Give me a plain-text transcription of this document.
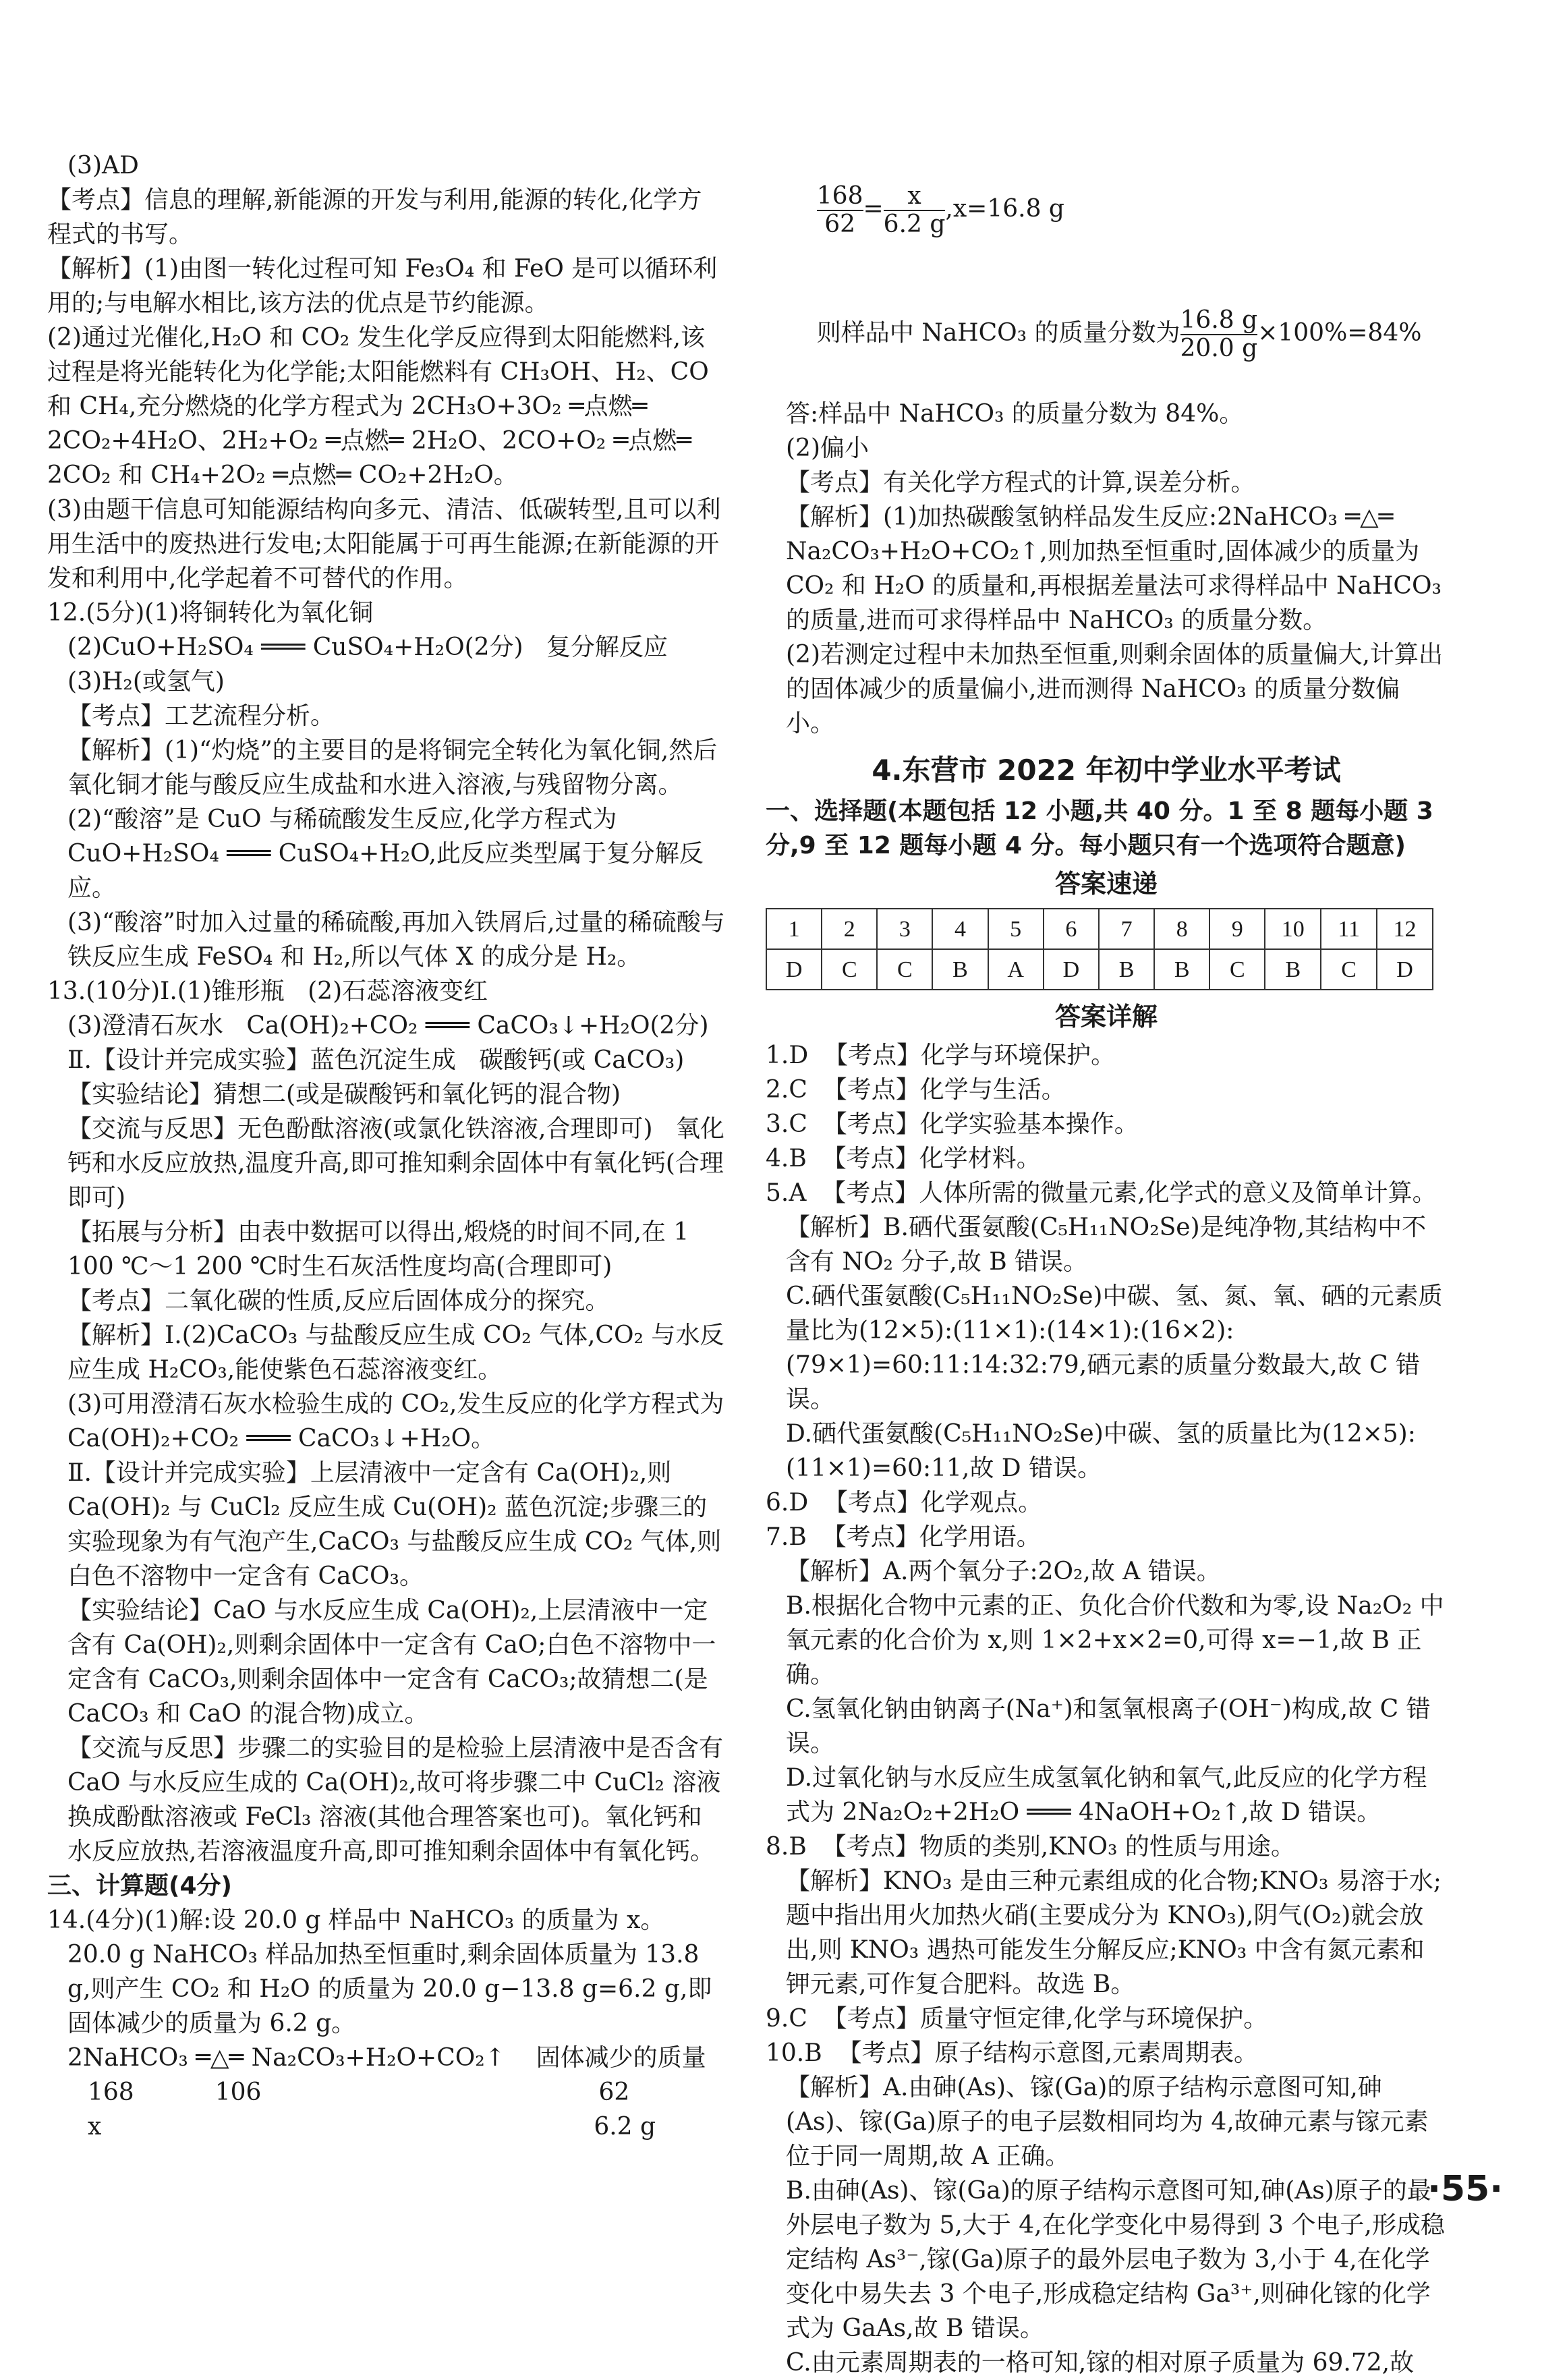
(3)AD

【考点】信息的理解,新能源的开发与利用,能源的转化,化学方程式的书写。

【解析】(1)由图一转化过程可知 Fe₃O₄ 和 FeO 是可以循环利用的;与电解水相比,该方法的优点是节约能源。

(2)通过光催化,H₂O 和 CO₂ 发生化学反应得到太阳能燃料,该过程是将光能转化为化学能;太阳能燃料有 CH₃OH、H₂、CO 和 CH₄,充分燃烧的化学方程式为 2CH₃O+3O₂ ═点燃═ 2CO₂+4H₂O、2H₂+O₂ ═点燃═ 2H₂O、2CO+O₂ ═点燃═ 2CO₂ 和 CH₄+2O₂ ═点燃═ CO₂+2H₂O。

(3)由题干信息可知能源结构向多元、清洁、低碳转型,且可以利用生活中的废热进行发电;太阳能属于可再生能源;在新能源的开发和利用中,化学起着不可替代的作用。

12.(5分)(1)将铜转化为氧化铜

(2)CuO+H₂SO₄ ═══ CuSO₄+H₂O(2分)   复分解反应

(3)H₂(或氢气)

【考点】工艺流程分析。

【解析】(1)“灼烧”的主要目的是将铜完全转化为氧化铜,然后氧化铜才能与酸反应生成盐和水进入溶液,与残留物分离。

(2)“酸溶”是 CuO 与稀硫酸发生反应,化学方程式为 CuO+H₂SO₄ ═══ CuSO₄+H₂O,此反应类型属于复分解反应。

(3)“酸溶”时加入过量的稀硫酸,再加入铁屑后,过量的稀硫酸与铁反应生成 FeSO₄ 和 H₂,所以气体 X 的成分是 H₂。

13.(10分)Ⅰ.(1)锥形瓶   (2)石蕊溶液变红

(3)澄清石灰水   Ca(OH)₂+CO₂ ═══ CaCO₃↓+H₂O(2分)

Ⅱ.【设计并完成实验】蓝色沉淀生成   碳酸钙(或 CaCO₃)

【实验结论】猜想二(或是碳酸钙和氧化钙的混合物)

【交流与反思】无色酚酞溶液(或氯化铁溶液,合理即可)   氧化钙和水反应放热,温度升高,即可推知剩余固体中有氧化钙(合理即可)

【拓展与分析】由表中数据可以得出,煅烧的时间不同,在 1 100 ℃～1 200 ℃时生石灰活性度均高(合理即可)

【考点】二氧化碳的性质,反应后固体成分的探究。

【解析】Ⅰ.(2)CaCO₃ 与盐酸反应生成 CO₂ 气体,CO₂ 与水反应生成 H₂CO₃,能使紫色石蕊溶液变红。

(3)可用澄清石灰水检验生成的 CO₂,发生反应的化学方程式为 Ca(OH)₂+CO₂ ═══ CaCO₃↓+H₂O。

Ⅱ.【设计并完成实验】上层清液中一定含有 Ca(OH)₂,则 Ca(OH)₂ 与 CuCl₂ 反应生成 Cu(OH)₂ 蓝色沉淀;步骤三的实验现象为有气泡产生,CaCO₃ 与盐酸反应生成 CO₂ 气体,则白色不溶物中一定含有 CaCO₃。

【实验结论】CaO 与水反应生成 Ca(OH)₂,上层清液中一定含有 Ca(OH)₂,则剩余固体中一定含有 CaO;白色不溶物中一定含有 CaCO₃,则剩余固体中一定含有 CaCO₃;故猜想二(是 CaCO₃ 和 CaO 的混合物)成立。

【交流与反思】步骤二的实验目的是检验上层清液中是否含有 CaO 与水反应生成的 Ca(OH)₂,故可将步骤二中 CuCl₂ 溶液换成酚酞溶液或 FeCl₃ 溶液(其他合理答案也可)。氧化钙和水反应放热,若溶液温度升高,即可推知剩余固体中有氧化钙。

三、计算题(4分)

14.(4分)(1)解:设 20.0 g 样品中 NaHCO₃ 的质量为 x。

20.0 g NaHCO₃ 样品加热至恒重时,剩余固体质量为 13.8 g,则产生 CO₂ 和 H₂O 的质量为 20.0 g−13.8 g=6.2 g,即固体减少的质量为 6.2 g。

2NaHCO₃ ═△═ Na₂CO₃+H₂O+CO₂↑    固体减少的质量

168	106	62
x	6.2 g

$\frac{168}{62} = \frac{x}{6.2 g} ,x=16.8$ g

则样品中 NaHCO₃ 的质量分数为 $\frac{16.8 g}{20.0 g} \times 100\%=84\%$

答:样品中 NaHCO₃ 的质量分数为 84%。

(2)偏小

【考点】有关化学方程式的计算,误差分析。

【解析】(1)加热碳酸氢钠样品发生反应:2NaHCO₃ ═△═ Na₂CO₃+H₂O+CO₂↑,则加热至恒重时,固体减少的质量为 CO₂ 和 H₂O 的质量和,再根据差量法可求得样品中 NaHCO₃ 的质量,进而可求得样品中 NaHCO₃ 的质量分数。

(2)若测定过程中未加热至恒重,则剩余固体的质量偏大,计算出的固体减少的质量偏小,进而测得 NaHCO₃ 的质量分数偏小。

4.东营市 2022 年初中学业水平考试

一、选择题(本题包括 12 小题,共 40 分。1 至 8 题每小题 3 分,9 至 12 题每小题 4 分。每小题只有一个选项符合题意)

答案速递

1	2	3	4	5	6	7	8	9	10	11	12
D	C	C	B	A	D	B	B	C	B	C	D

答案详解

1.D  【考点】化学与环境保护。

2.C  【考点】化学与生活。

3.C  【考点】化学实验基本操作。

4.B  【考点】化学材料。

5.A  【考点】人体所需的微量元素,化学式的意义及简单计算。

【解析】B.硒代蛋氨酸(C₅H₁₁NO₂Se)是纯净物,其结构中不含有 NO₂ 分子,故 B 错误。

C.硒代蛋氨酸(C₅H₁₁NO₂Se)中碳、氢、氮、氧、硒的元素质量比为(12×5):(11×1):(14×1):(16×2):(79×1)=60:11:14:32:79,硒元素的质量分数最大,故 C 错误。

D.硒代蛋氨酸(C₅H₁₁NO₂Se)中碳、氢的质量比为(12×5):(11×1)=60:11,故 D 错误。

6.D  【考点】化学观点。

7.B  【考点】化学用语。

【解析】A.两个氧分子:2O₂,故 A 错误。

B.根据化合物中元素的正、负化合价代数和为零,设 Na₂O₂ 中氧元素的化合价为 x,则 1×2+x×2=0,可得 x=−1,故 B 正确。

C.氢氧化钠由钠离子(Na⁺)和氢氧根离子(OH⁻)构成,故 C 错误。

D.过氧化钠与水反应生成氢氧化钠和氧气,此反应的化学方程式为 2Na₂O₂+2H₂O ═══ 4NaOH+O₂↑,故 D 错误。

8.B  【考点】物质的类别,KNO₃ 的性质与用途。

【解析】KNO₃ 是由三种元素组成的化合物;KNO₃ 易溶于水;题中指出用火加热火硝(主要成分为 KNO₃),阴气(O₂)就会放出,则 KNO₃ 遇热可能发生分解反应;KNO₃ 中含有氮元素和钾元素,可作复合肥料。故选 B。

9.C  【考点】质量守恒定律,化学与环境保护。

10.B  【考点】原子结构示意图,元素周期表。

【解析】A.由砷(As)、镓(Ga)的原子结构示意图可知,砷(As)、镓(Ga)原子的电子层数相同均为 4,故砷元素与镓元素位于同一周期,故 A 正确。

B.由砷(As)、镓(Ga)的原子结构示意图可知,砷(As)原子的最外层电子数为 5,大于 4,在化学变化中易得到 3 个电子,形成稳定结构 As³⁻,镓(Ga)原子的最外层电子数为 3,小于 4,在化学变化中易失去 3 个电子,形成稳定结构 Ga³⁺,则砷化镓的化学式为 GaAs,故 B 错误。

C.由元素周期表的一格可知,镓的相对原子质量为 69.72,故

·55·
